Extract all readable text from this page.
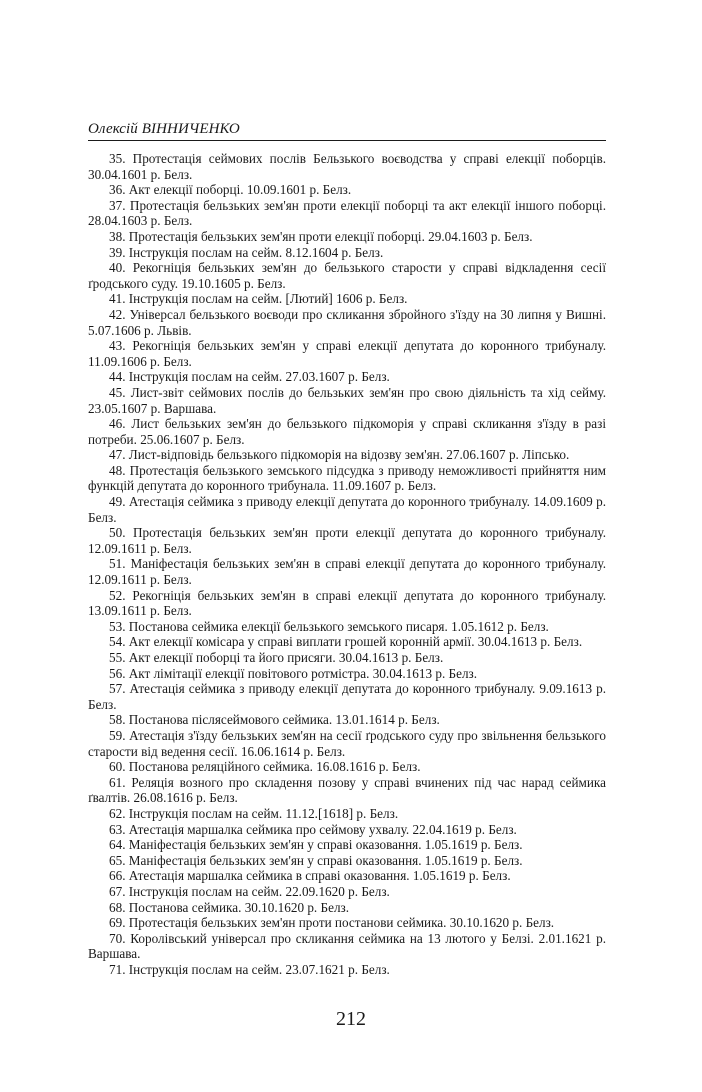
Олексій ВІННИЧЕНКО
35. Протестація сеймових послів Бельзького воєводства у справі елекції поборців. 30.04.1601 р. Белз.
36. Акт елекції поборці. 10.09.1601 р. Белз.
37. Протестація бельзьких зем'ян проти елекції поборці та акт елекції іншого поборці. 28.04.1603 р. Белз.
38. Протестація бельзьких зем'ян проти елекції поборці. 29.04.1603 р. Белз.
39. Інструкція послам на сейм. 8.12.1604 р. Белз.
40. Рекогніція бельзьких зем'ян до бельзького старости у справі відкладення сесії ґродського суду. 19.10.1605 р. Белз.
41. Інструкція послам на сейм. [Лютий] 1606 р. Белз.
42. Універсал бельзького воєводи про скликання збройного з'їзду на 30 липня у Вишні. 5.07.1606 р. Львів.
43. Рекогніція бельзьких зем'ян у справі елекції депутата до коронного трибуналу. 11.09.1606 р. Белз.
44. Інструкція послам на сейм. 27.03.1607 р. Белз.
45. Лист-звіт сеймових послів до бельзьких зем'ян про свою діяльність та хід сейму. 23.05.1607 р. Варшава.
46. Лист бельзьких зем'ян до бельзького підкоморія у справі скликання з'їзду в разі потреби. 25.06.1607 р. Белз.
47. Лист-відповідь бельзького підкоморія на відозву зем'ян. 27.06.1607 р. Ліпсько.
48. Протестація бельзького земського підсудка з приводу неможливості прийняття ним функцій депутата до коронного трибунала. 11.09.1607 р. Белз.
49. Атестація сеймика з приводу елекції депутата до коронного трибуналу. 14.09.1609 р. Белз.
50. Протестація бельзьких зем'ян проти елекції депутата до коронного трибуналу. 12.09.1611 р. Белз.
51. Маніфестація бельзьких зем'ян в справі елекції депутата до коронного трибуналу. 12.09.1611 р. Белз.
52. Рекогніція бельзьких зем'ян в справі елекції депутата до коронного трибуналу. 13.09.1611 р. Белз.
53. Постанова сеймика елекції бельзького земського писаря. 1.05.1612 р. Белз.
54. Акт елекції комісара у справі виплати грошей коронній армії. 30.04.1613 р. Белз.
55. Акт елекції поборці та його присяги. 30.04.1613 р. Белз.
56. Акт лімітації елекції повітового ротмістра. 30.04.1613 р. Белз.
57. Атестація сеймика з приводу елекції депутата до коронного трибуналу. 9.09.1613 р. Белз.
58. Постанова післясеймового сеймика. 13.01.1614 р. Белз.
59. Атестація з'їзду бельзьких зем'ян на сесії ґродського суду про звільнення бельзького старости від ведення сесії. 16.06.1614 р. Белз.
60. Постанова реляційного сеймика. 16.08.1616 р. Белз.
61. Реляція возного про складення позову у справі вчинених під час нарад сеймика ґвалтів. 26.08.1616 р. Белз.
62. Інструкція послам на сейм. 11.12.[1618] р. Белз.
63. Атестація маршалка сеймика про сеймову ухвалу. 22.04.1619 р. Белз.
64. Маніфестація бельзьких зем'ян у справі оказовання. 1.05.1619 р. Белз.
65. Маніфестація бельзьких зем'ян у справі оказовання. 1.05.1619 р. Белз.
66. Атестація маршалка сеймика в справі оказовання. 1.05.1619 р. Белз.
67. Інструкція послам на сейм. 22.09.1620 р. Белз.
68. Постанова сеймика. 30.10.1620 р. Белз.
69. Протестація бельзьких зем'ян проти постанови сеймика. 30.10.1620 р. Белз.
70. Королівський універсал про скликання сеймика на 13 лютого у Белзі. 2.01.1621 р. Варшава.
71. Інструкція послам на сейм. 23.07.1621 р. Белз.
212
